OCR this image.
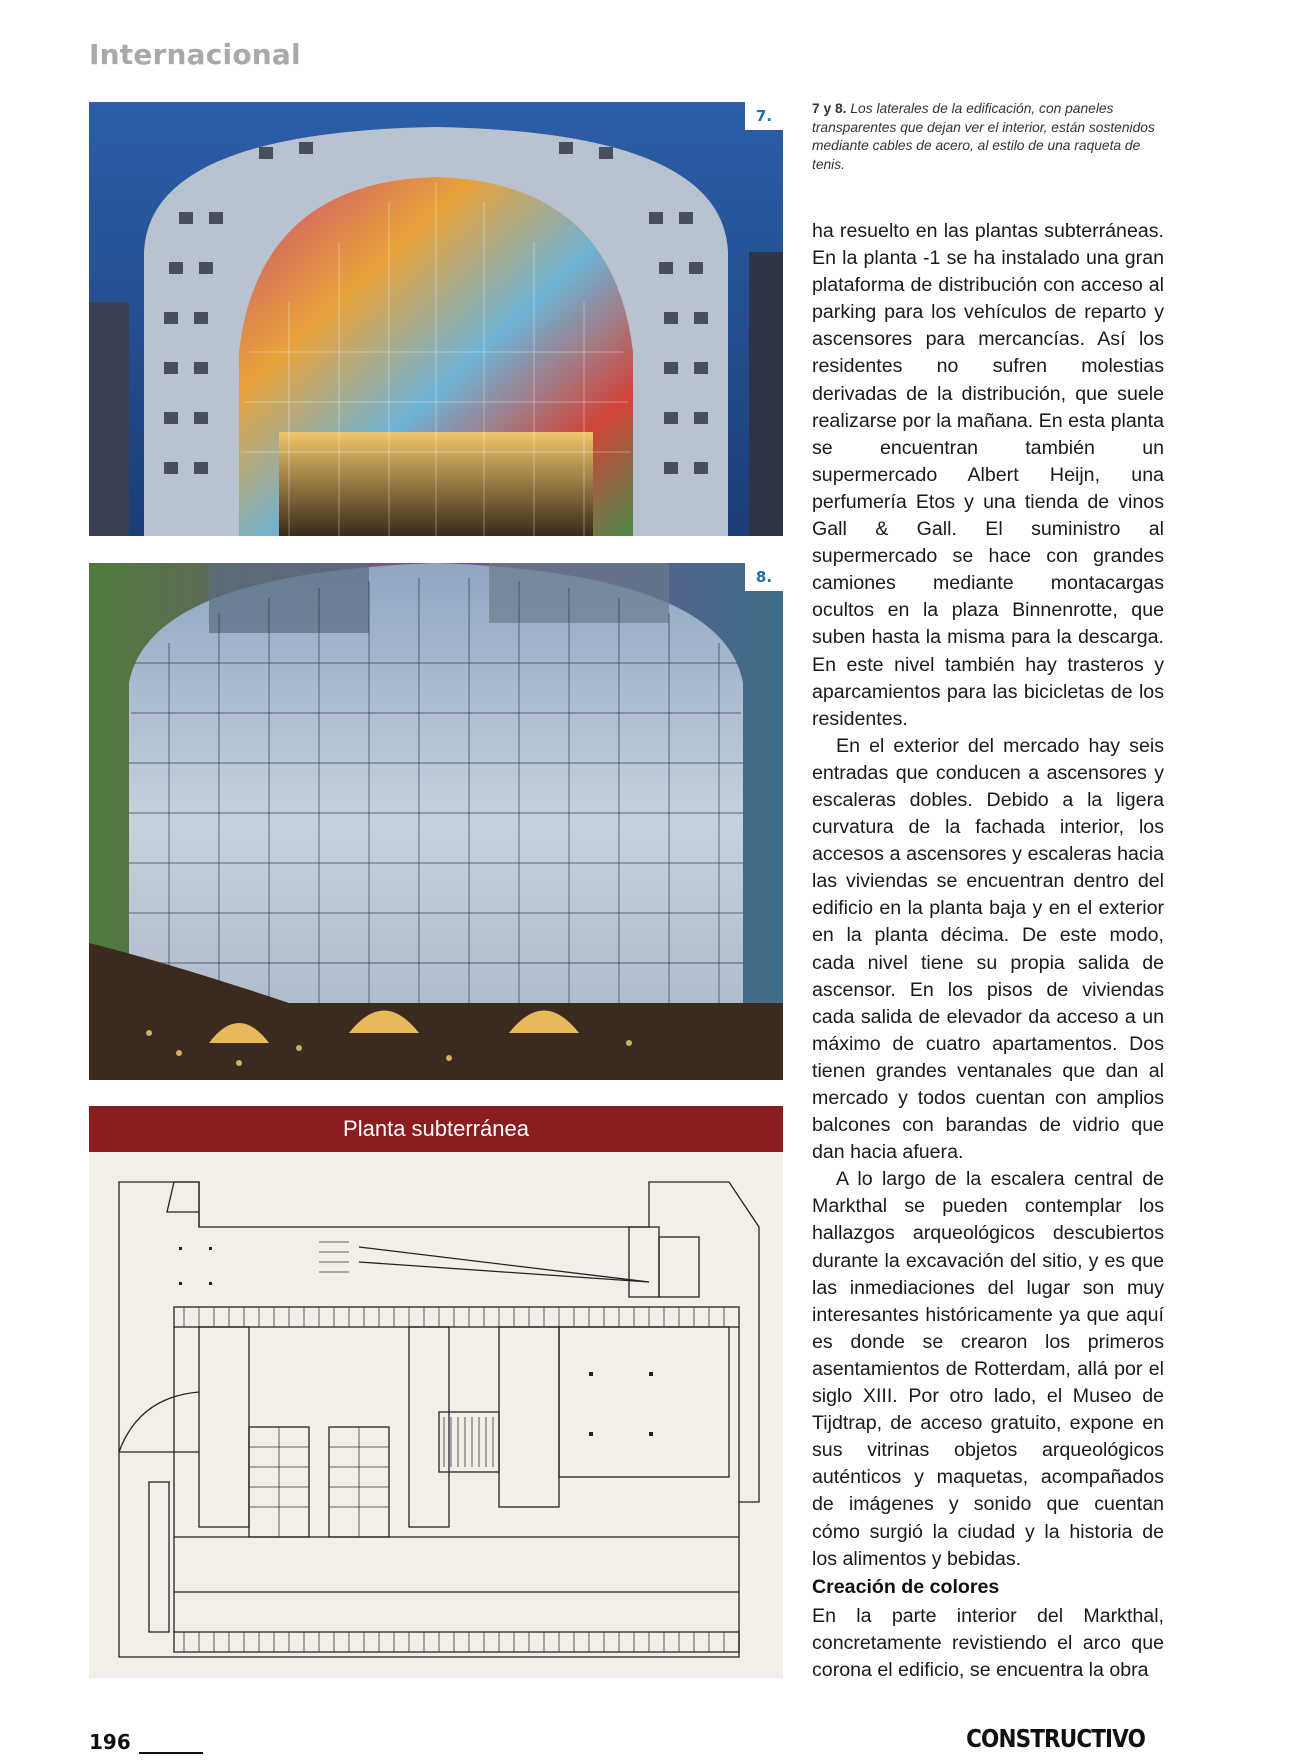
Internacional
7.
8.
7 y 8. Los laterales de la edificación, con paneles transparentes que dejan ver el interior, están sostenidos mediante cables de acero, al estilo de una raqueta de tenis.

ha resuelto en las plantas subterráneas. En la planta -1 se ha instalado una gran plataforma de distribución con acceso al parking para los vehículos de reparto y ascensores para mercancías. Así los residentes no sufren molestias derivadas de la distribución, que suele realizarse por la mañana. En esta planta se encuentran también un supermercado Albert Heijn, una perfumería Etos y una tienda de vinos Gall & Gall. El suministro al supermercado se hace con grandes camiones mediante montacargas ocultos en la plaza Binnenrotte, que suben hasta la misma para la descarga. En este nivel también hay trasteros y aparcamientos para las bicicletas de los residentes.

En el exterior del mercado hay seis entradas que conducen a ascensores y escaleras dobles. Debido a la ligera curvatura de la fachada interior, los accesos a ascensores y escaleras hacia las viviendas se encuentran dentro del edificio en la planta baja y en el exterior en la planta décima. De este modo, cada nivel tiene su propia salida de ascensor. En los pisos de viviendas cada salida de elevador da acceso a un máximo de cuatro apartamentos. Dos tienen grandes ventanales que dan al mercado y todos cuentan con amplios balcones con barandas de vidrio que dan hacia afuera.

A lo largo de la escalera central de Markthal se pueden contemplar los hallazgos arqueológicos descubiertos durante la excavación del sitio, y es que las inmediaciones del lugar son muy interesantes históricamente ya que aquí es donde se crearon los primeros asentamientos de Rotterdam, allá por el siglo XIII. Por otro lado, el Museo de Tijdtrap, de acceso gratuito, expone en sus vitrinas objetos arqueológicos auténticos y maquetas, acompañados de imágenes y sonido que cuentan cómo surgió la ciudad y la historia de los alimentos y bebidas.

Creación de colores

En la parte interior del Markthal, concretamente revistiendo el arco que corona el edificio, se encuentra la obra

Planta subterránea
196	CONSTRUCTIVO
